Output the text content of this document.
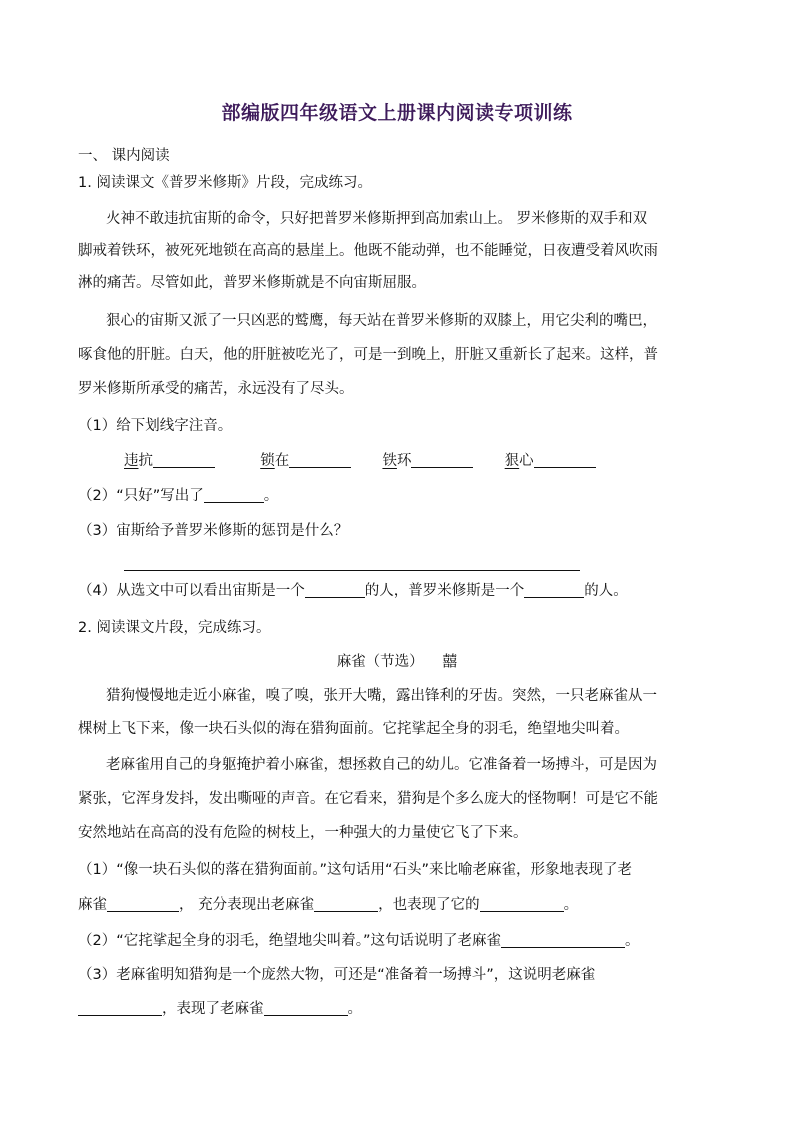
部编版四年级语文上册课内阅读专项训练
一、 课内阅读
1. 阅读课文《普罗米修斯》片段，完成练习。
火神不敢违抗宙斯的命令，只好把普罗米修斯押到高加索山上。 罗米修斯的双手和双
脚戒着铁环，被死死地锁在高高的悬崖上。他既不能动弹，也不能睡觉，日夜遭受着风吹雨
淋的痛苦。尽管如此，普罗米修斯就是不向宙斯屈服。
狠心的宙斯又派了一只凶恶的鹫鹰，每天站在普罗米修斯的双膝上，用它尖利的嘴巴，
啄食他的肝脏。白天，他的肝脏被吃光了，可是一到晚上，肝脏又重新长了起来。这样，普
罗米修斯所承受的痛苦，永远没有了尽头。
（1）给下划线字注音。
违抗	锁在	铁环	狠心
（2）“只好”写出了	。
（3）宙斯给予普罗米修斯的惩罚是什么？
（4）从选文中可以看出宙斯是一个	的人，普罗米修斯是一个	的人。
2. 阅读课文片段，完成练习。
麻雀（节选） 囍
猎狗慢慢地走近小麻雀，嗅了嗅，张开大嘴，露出锋利的牙齿。突然，一只老麻雀从一
棵树上飞下来，像一块石头似的海在猎狗面前。它挓挲起全身的羽毛，绝望地尖叫着。
老麻雀用自己的身躯掩护着小麻雀，想拯救自己的幼儿。它准备着一场搏斗，可是因为
紧张，它浑身发抖，发出嘶哑的声音。在它看来，猎狗是个多么庞大的怪物啊！可是它不能
安然地站在高高的没有危险的树枝上，一种强大的力量使它飞了下来。
（1）“像一块石头似的落在猎狗面前。”这句话用“石头”来比喻老麻雀，形象地表现了老
麻雀	， 充分表现出老麻雀	，也表现了它的	。
（2）“它挓挲起全身的羽毛，绝望地尖叫着。”这句话说明了老麻雀	。
（3）老麻雀明知猎狗是一个庞然大物，可还是“准备着一场搏斗”，这说明老麻雀
，表现了老麻雀	。
